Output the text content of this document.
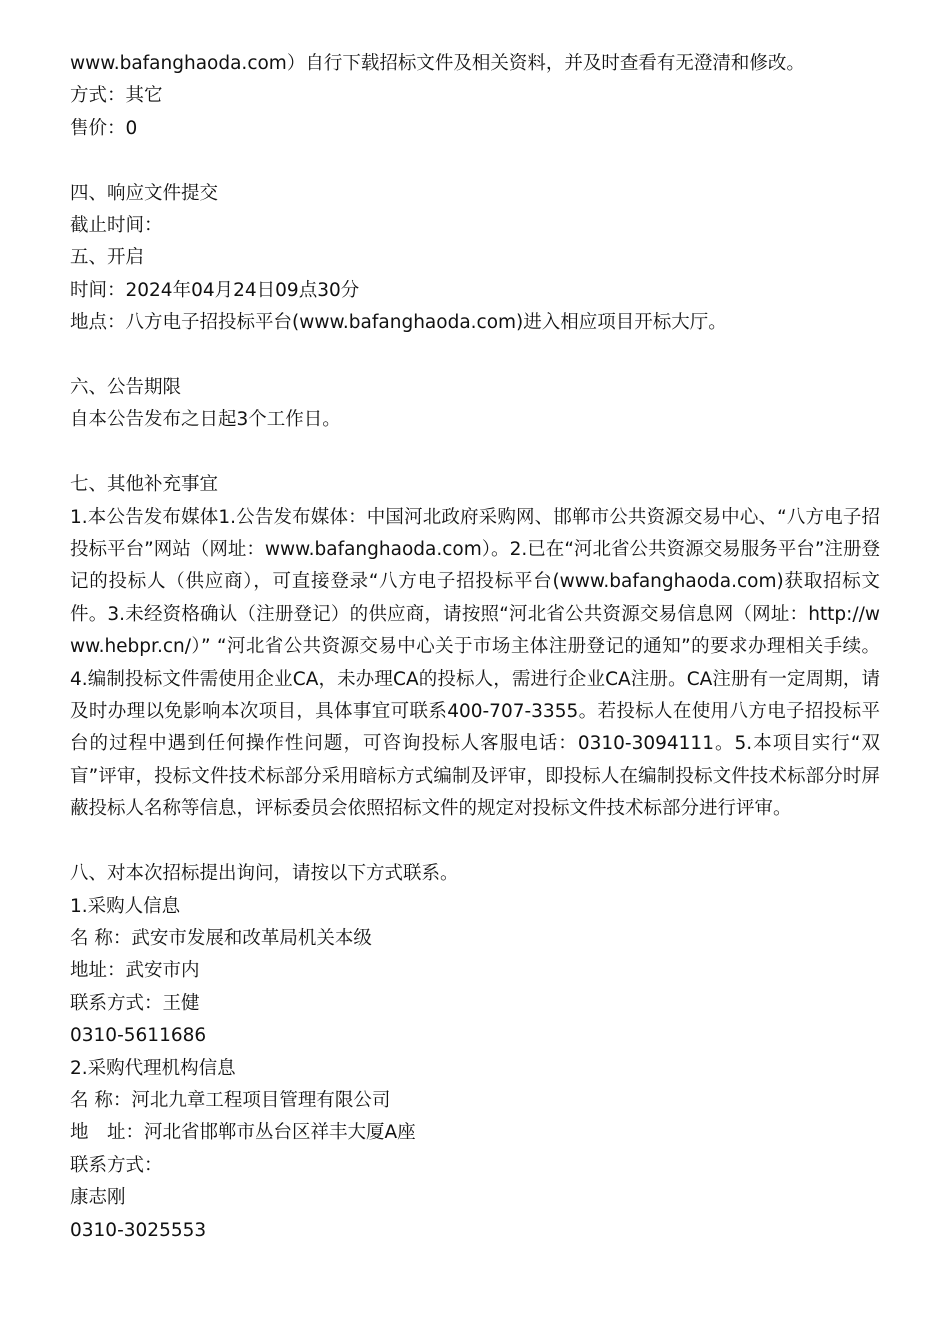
www.bafanghaoda.com）自行下载招标文件及相关资料，并及时查看有无澄清和修改。
方式：其它
售价：0
四、响应文件提交
截止时间：
五、开启
时间：2024年04月24日09点30分
地点：八方电子招投标平台(www.bafanghaoda.com)进入相应项目开标大厅。
六、公告期限
自本公告发布之日起3个工作日。
七、其他补充事宜
1.本公告发布媒体1.公告发布媒体：中国河北政府采购网、邯郸市公共资源交易中心、“八方电子招投标平台”网站（网址：www.bafanghaoda.com）。2.已在“河北省公共资源交易服务平台”注册登记的投标人（供应商），可直接登录“八方电子招投标平台(www.bafanghaoda.com)获取招标文件。3.未经资格确认（注册登记）的供应商，请按照“河北省公共资源交易信息网（网址：http://www.hebpr.cn/）” “河北省公共资源交易中心关于市场主体注册登记的通知”的要求办理相关手续。4.编制投标文件需使用企业CA，未办理CA的投标人，需进行企业CA注册。CA注册有一定周期，请及时办理以免影响本次项目，具体事宜可联系400-707-3355。若投标人在使用八方电子招投标平台的过程中遇到任何操作性问题，可咨询投标人客服电话：0310-3094111。5.本项目实行“双盲”评审，投标文件技术标部分采用暗标方式编制及评审，即投标人在编制投标文件技术标部分时屏蔽投标人名称等信息，评标委员会依照招标文件的规定对投标文件技术标部分进行评审。
八、对本次招标提出询问，请按以下方式联系。
1.采购人信息
名 称：武安市发展和改革局机关本级
地址：武安市内
联系方式：王健
0310-5611686
2.采购代理机构信息
名 称：河北九章工程项目管理有限公司
地　址：河北省邯郸市丛台区祥丰大厦A座
联系方式：
康志刚
0310-3025553
